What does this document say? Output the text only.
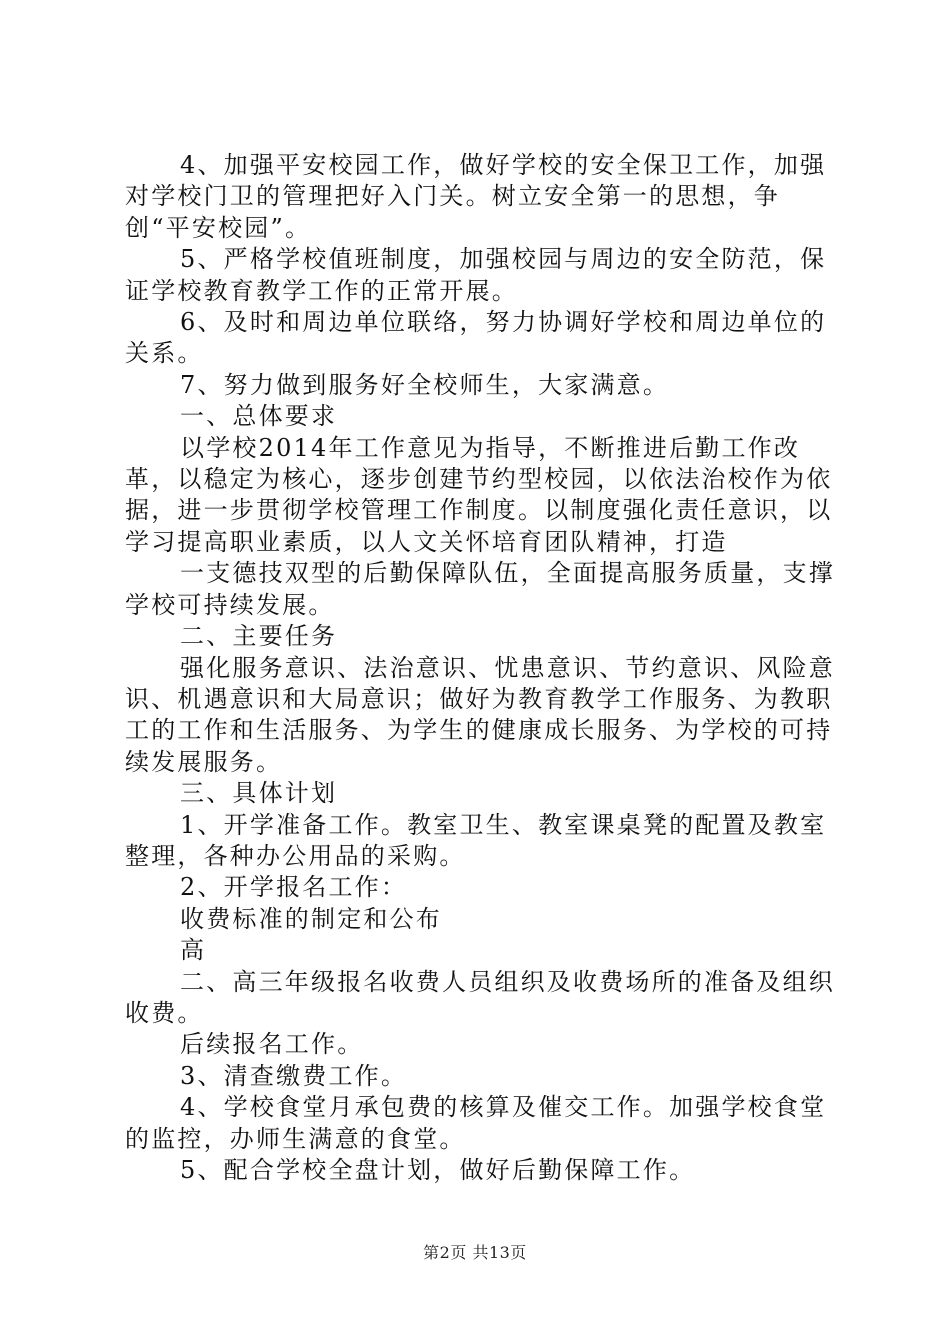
4、加强平安校园工作，做好学校的安全保卫工作，加强对学校门卫的管理把好入门关。树立安全第一的思想，争创“平安校园”。

5、严格学校值班制度，加强校园与周边的安全防范，保证学校教育教学工作的正常开展。

6、及时和周边单位联络，努力协调好学校和周边单位的关系。

7、努力做到服务好全校师生，大家满意。

一、总体要求

以学校2014年工作意见为指导，不断推进后勤工作改革，以稳定为核心，逐步创建节约型校园，以依法治校作为依据，进一步贯彻学校管理工作制度。以制度强化责任意识，以学习提高职业素质，以人文关怀培育团队精神，打造

一支德技双型的后勤保障队伍，全面提高服务质量，支撑学校可持续发展。

二、主要任务

强化服务意识、法治意识、忧患意识、节约意识、风险意识、机遇意识和大局意识；做好为教育教学工作服务、为教职工的工作和生活服务、为学生的健康成长服务、为学校的可持续发展服务。

三、具体计划

1、开学准备工作。教室卫生、教室课桌凳的配置及教室整理，各种办公用品的采购。

2、开学报名工作：

收费标准的制定和公布

高

二、高三年级报名收费人员组织及收费场所的准备及组织收费。

后续报名工作。

3、清查缴费工作。

4、学校食堂月承包费的核算及催交工作。加强学校食堂的监控，办师生满意的食堂。

5、配合学校全盘计划，做好后勤保障工作。

第2页 共13页
